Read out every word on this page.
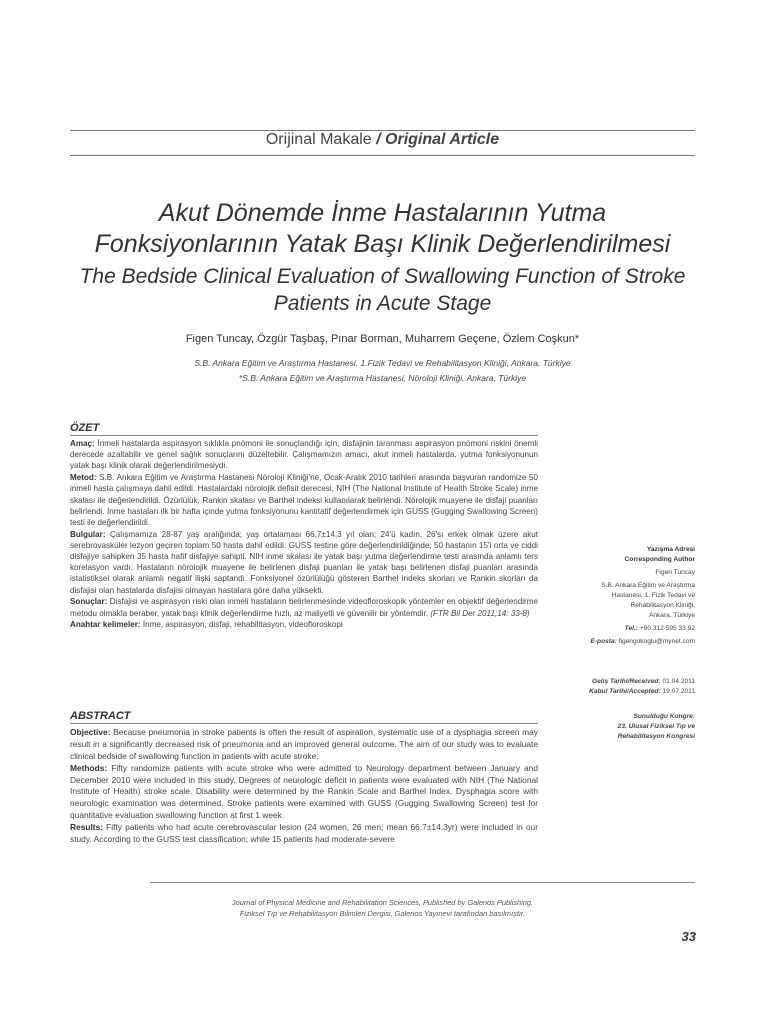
Orijinal Makale / Original Article
Akut Dönemde İnme Hastalarının Yutma
Fonksiyonlarının Yatak Başı Klinik Değerlendirilmesi
The Bedside Clinical Evaluation of Swallowing Function of Stroke
Patients in Acute Stage
Figen Tuncay, Özgür Taşbaş, Pınar Borman, Muharrem Geçene, Özlem Coşkun*
S.B. Ankara Eğitim ve Araştırma Hastanesi, 1.Fizik Tedavi ve Rehabilitasyon Kliniği, Ankara, Türkiye
*S.B. Ankara Eğitim ve Araştırma Hastanesi, Nöroloji Kliniği, Ankara, Türkiye
ÖZET

Amaç: İnmeli hastalarda aspirasyon sıklıkla pnömoni ile sonuçlandığı için, disfajinin taranması aspirasyon pnömoni riskini önemli derecede azaltabilir ve genel sağlık sonuçlarını düzeltebilir. Çalışmamızın amacı, akut inmeli hastalarda, yutma fonksiyonunun yatak başı klinik olarak değerlendirilmesiydi.

Metod: S.B. Ankara Eğitim ve Araştırma Hastanesi Nöroloji Kliniği'ne, Ocak-Aralık 2010 tarihleri arasında başvuran randomize 50 inmeli hasta çalışmaya dahil edildi. Hastalardaki nörolojik defisit derecesi, NIH (The National Institute of Health Stroke Scale) inme skalası ile değerlendirildi. Özürlülük, Rankin skalası ve Barthel indeksi kullanılarak belirlendi. Nörolojik muayene ile disfaji puanları belirlendi. İnme hastaları ilk bir hafta içinde yutma fonksiyonunu kantitatif değerlendirmek için GUSS (Gugging Swallowing Screen) testi ile değerlendirildi.

Bulgular: Çalışmamıza 28-87 yaş aralığında; yaş ortalaması 66,7±14,3 yıl olan; 24'ü kadın, 26'sı erkek olmak üzere akut serebrovasküler lezyon geçiren toplam 50 hasta dahil edildi. GUSS testine göre değerlendirildiğinde; 50 hastanın 15'i orta ve ciddi disfajiye sahipken 35 hasta hafif disfajiye sahipti. NIH inme skalası ile yatak başı yutma değerlendirme testi arasında anlamlı ters korelasyon vardı. Hastaların nörolojik muayene ile belirlenen disfaji puanları ile yatak başı belirlenen disfaji puanları arasında istatistiksel olarak anlamlı negatif ilişki saptandı. Fonksiyonel özürlülüğü gösteren Barthel indeks skorları ve Rankin skorları da disfajisi olan hastalarda disfajisi olmayan hastalara göre daha yüksekti.

Sonuçlar: Disfajisi ve aspirasyon riski olan inmeli hastaların belirlenmesinde videofloroskopik yöntemler en objektif değerlendirme metodu olmakla beraber, yatak başı klinik değerlendirme hızlı, az maliyetli ve güvenilir bir yöntemdir. (FTR Bil Der 2011;14: 33-8)

Anahtar kelimeler: İnme, aspirasyon, disfaji, rehabilitasyon, videofloroskopi

ABSTRACT

Objective: Because pneumonia in stroke patients is often the result of aspiration, systematic use of a dysphagia screen may result in a significantly decreased risk of pneumonia and an improved general outcome. The aim of our study was to evaluate clinical bedside of swallowing function in patients with acute stroke.

Methods: Fifty randomize patients with acute stroke who were admitted to Neurology department between January and December 2010 were included in this study. Degrees of neurologic deficit in patients were evaluated with NIH (The National Institute of Health) stroke scale. Disability were determined by the Rankin Scale and Barthel Index. Dysphagia score with neurologic examination was determined. Stroke patients were examined with GUSS (Gugging Swallowing Screen) test for quantitative evaluation swallowing function at first 1 week.

Results: Fifty patients who had acute cerebrovascular lesion (24 women, 26 men; mean 66.7±14.3yr) were included in our study. According to the GUSS test classification; while 15 patients had moderate-severe

Yazışma Adresi
Corresponding Author
Figen Tuncay
S.B. Ankara Eğitim ve Araştırma
Hastanesi, 1. Fizik Tedavi ve
Rehabilitasyon Kliniği,
Ankara, Türkiye
Tel.: +90 312 595 33 92
E-posta: figengokoglu@mynet.com
Geliş Tarihi/Received: 01.04.2011
Kabul Tarihi/Accepted: 19.07.2011
Sunulduğu Kongre:
23. Ulusal Fiziksel Tıp ve
Rehabilitasyon Kongresi
Journal of Physical Medicine and Rehabilitation Sciences, Published by Galenos Publishing.
Fiziksel Tıp ve Rehabilitasyon Bilimleri Dergisi, Galenos Yayınevi tarafından basılmıştır.
33
